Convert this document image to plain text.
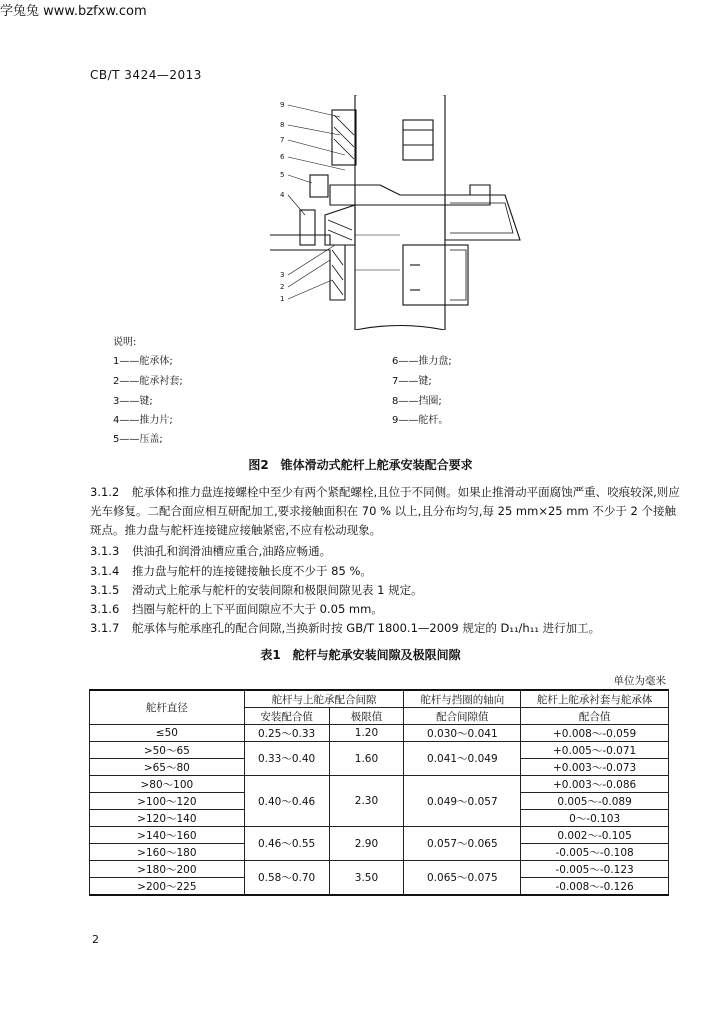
学兔兔 www.bzfxw.com
CB/T 3424—2013
9
8
7
6
5
4
3
2
1
说明:
1——舵承体;
2——舵承衬套;
3——键;
4——推力片;
5——压盖;
6——推力盘;
7——键;
8——挡圈;
9——舵杆。
图2　锥体滑动式舵杆上舵承安装配合要求
3.1.2 舵承体和推力盘连接螺栓中至少有两个紧配螺栓,且位于不同侧。如果止推滑动平面腐蚀严重、咬痕较深,则应光车修复。二配合面应相互研配加工,要求接触面积在 70 % 以上,且分布均匀,每 25 mm×25 mm 不少于 2 个接触斑点。推力盘与舵杆连接键应接触紧密,不应有松动现象。
3.1.3 供油孔和润滑油槽应重合,油路应畅通。
3.1.4 推力盘与舵杆的连接键接触长度不少于 85 %。
3.1.5 滑动式上舵承与舵杆的安装间隙和极限间隙见表 1 规定。
3.1.6 挡圈与舵杆的上下平面间隙应不大于 0.05 mm。
3.1.7 舵承体与舵承座孔的配合间隙,当换新时按 GB/T 1800.1—2009 规定的 D₁₁/h₁₁ 进行加工。
表1　舵杆与舵承安装间隙及极限间隙
单位为毫米
舵杆直径	舵杆与上舵承配合间隙		舵杆与挡圈的轴向	舵杆上舵承衬套与舵承体
	安装配合值	极限值	配合间隙值	配合值
≤50	0.25～0.33	1.20	0.030～0.041	+0.008～-0.059
>50～65	0.33～0.40	1.60	0.041～0.049	+0.005～-0.071
>65～80				+0.003～-0.073
>80～100	0.40～0.46	2.30	0.049～0.057	+0.003～-0.086
>100～120				0.005～-0.089
>120～140				0～-0.103
>140～160	0.46～0.55	2.90	0.057～0.065	0.002～-0.105
>160～180				-0.005～-0.108
>180～200	0.58～0.70	3.50	0.065～0.075	-0.005～-0.123
>200～225				-0.008～-0.126
2
